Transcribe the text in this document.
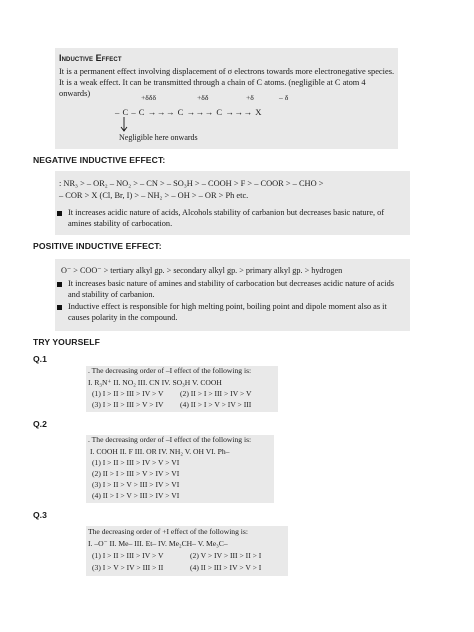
Inductive Effect
It is a permanent effect involving displacement of σ electrons towards more electronegative species. It is a weak effect. It can be transmitted through a chain of C atoms. (negligible at C atom 4 onwards)	+δδδ	+δδ	+δ	– δ
– C – C →→→ C →→→ C →→→ X
Negligible here onwards
NEGATIVE INDUCTIVE EFFECT:
: NR₃ > – OR₂ – NO₂ > – CN > – SO₃H > – COOH > F > – COOR > – CHO >
– COR > X (Cl, Br, I) > – NH₂ > – OH > – OR > Ph etc.
It increases acidic nature of acids, Alcohols stability of carbanion but decreases basic nature, of amines stability of carbocation.
POSITIVE INDUCTIVE EFFECT:
O⁻ > COO⁻ > tertiary alkyl gp. > secondary alkyl gp. > primary alkyl gp. > hydrogen
It increases basic nature of amines and stability of carbocation but decreases acidic nature of acids and stability of carbanion.
Inductive effect is responsible for high melting point, boiling point and dipole moment also as it causes polarity in the compound.
TRY YOURSELF
Q.1
. The decreasing order of –I effect of the following is:
I. R₃N⁺ II. NO₂ III. CN IV. SO₃H V. COOH
(1) I > II > III > IV > V (2) II > I > III > IV > V
(3) I > II > III > V > IV (4) II > I > V > IV > III
Q.2
. The decreasing order of –I effect of the following is:
I. COOH II. F III. OR IV. NH₂ V. OH VI. Ph–
(1) I > II > III > IV > V > VI
(2) II > I > III > V > IV > VI
(3) I > II > V > III > IV > VI
(4) II > I > V > III > IV > VI
Q.3
The decreasing order of +I effect of the following is:
I. –O⁻ II. Me– III. Et– IV. Me₂CH– V. Me₃C–
(1) I > II > III > IV > V	(2) V > IV > III > II > I
(3) I > V > IV > III > II	(4) II > III > IV > V > I
